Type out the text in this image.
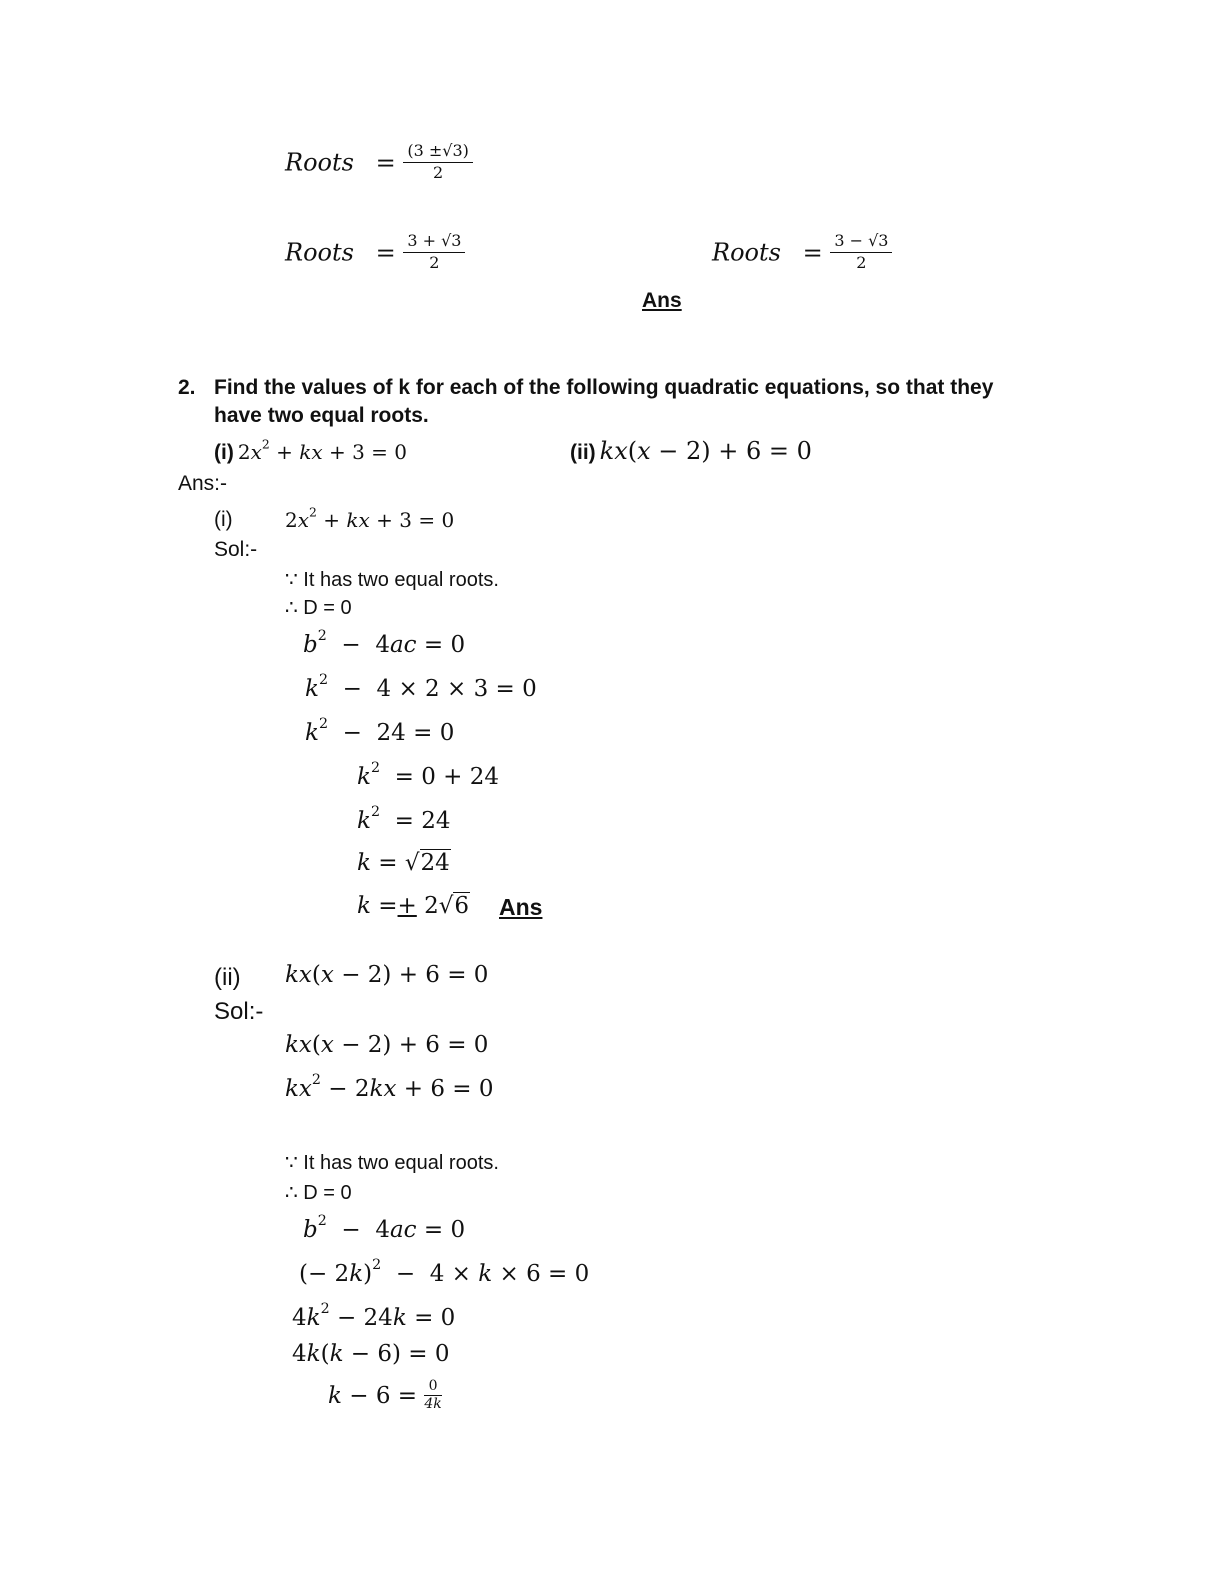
Roots = $\frac{(3 \pm√3)}{2}$
Roots = $\frac{3 + √3}{2}$	Roots = $\frac{3 - √3}{2}$
Ans
2. Find the values of k for each of the following quadratic equations, so that they
have two equal roots.
(i) $2x^2$ + kx + 3 = 0	(ii) kx(x − 2) + 6 = 0
Ans:-
(i)	$2x^2$ + kx + 3 = 0
Sol:-
∵ It has two equal roots.
∴ D = 0
$b^2 - 4ac = 0$
$k^2 - 4 \times 2 \times 3 = 0$
$k^2 - 24 = 0$
$k^2 = 0 + 24$
$k^2 = 24$
k = √24
k =+ 2√6 Ans
(ii) kx(x − 2) + 6 = 0
Sol:-
kx(x − 2) + 6 = 0
$kx^2 - 2kx + 6 = 0$
∵ It has two equal roots.
∴ D = 0
$b^2 - 4ac = 0$
(− 2k)$^2$  −  4 × k × 6 = 0
$4k^2 - 24k = 0$
4k(k − 6) = 0
$k - 6 = \frac{0}{4k}$
